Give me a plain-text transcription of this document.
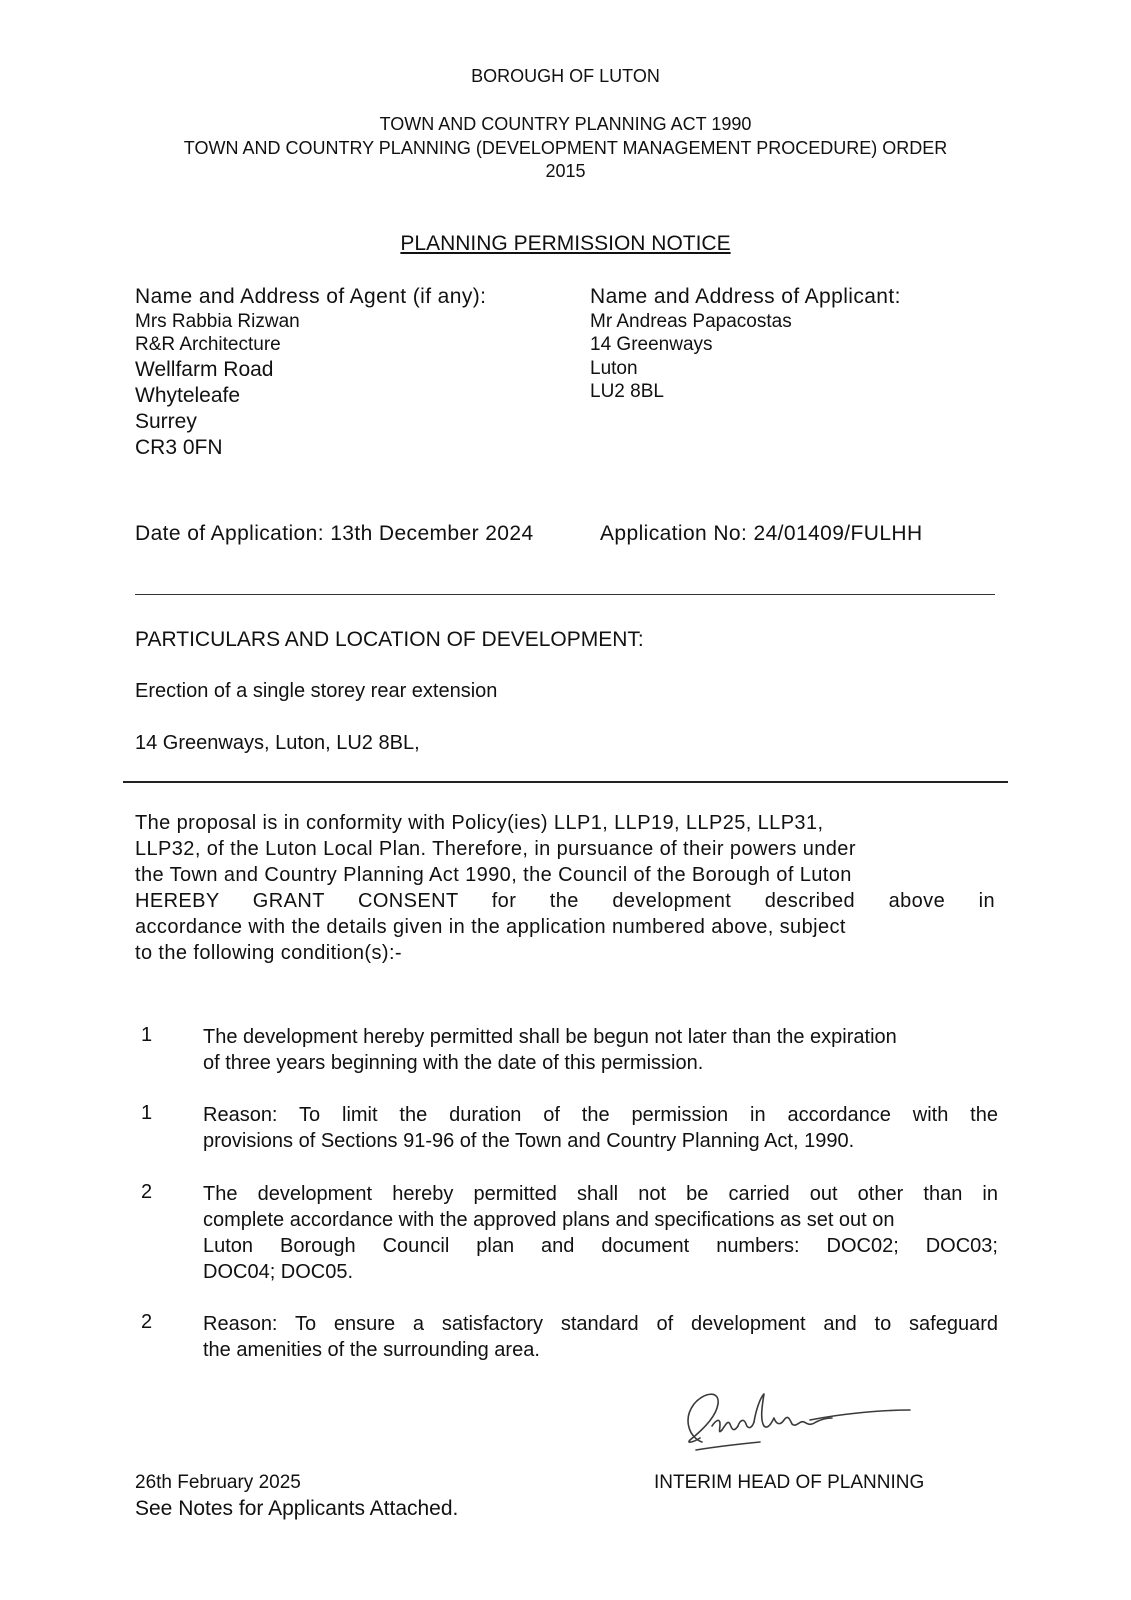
BOROUGH OF LUTON
TOWN AND COUNTRY PLANNING ACT 1990
TOWN AND COUNTRY PLANNING (DEVELOPMENT MANAGEMENT PROCEDURE) ORDER
2015
PLANNING PERMISSION NOTICE
Name and Address of Agent (if any):
Mrs Rabbia Rizwan
R&R Architecture
Wellfarm Road
Whyteleafe
Surrey
CR3 0FN
Name and Address of Applicant:
Mr Andreas Papacostas
14 Greenways
Luton
LU2 8BL
Date of Application: 13th December 2024	Application No: 24/01409/FULHH
PARTICULARS AND LOCATION OF DEVELOPMENT:
Erection of a single storey rear extension
14 Greenways, Luton, LU2 8BL,
The proposal is in conformity with Policy(ies) LLP1, LLP19, LLP25, LLP31,
LLP32, of the Luton Local Plan. Therefore, in pursuance of their powers under
the Town and Country Planning Act 1990, the Council of the Borough of Luton
HEREBY GRANT CONSENT for the development described above in
accordance with the details given in the application numbered above, subject
to the following condition(s):-
1	The development hereby permitted shall be begun not later than the expiration
of three years beginning with the date of this permission.
1	Reason: To limit the duration of the permission in accordance with the
provisions of Sections 91-96 of the Town and Country Planning Act, 1990.
2	The development hereby permitted shall not be carried out other than in
complete accordance with the approved plans and specifications as set out on
Luton Borough Council plan and document numbers: DOC02; DOC03;
DOC04; DOC05.
2	Reason: To ensure a satisfactory standard of development and to safeguard
the amenities of the surrounding area.
26th February 2025
See Notes for Applicants Attached.
INTERIM HEAD OF PLANNING
